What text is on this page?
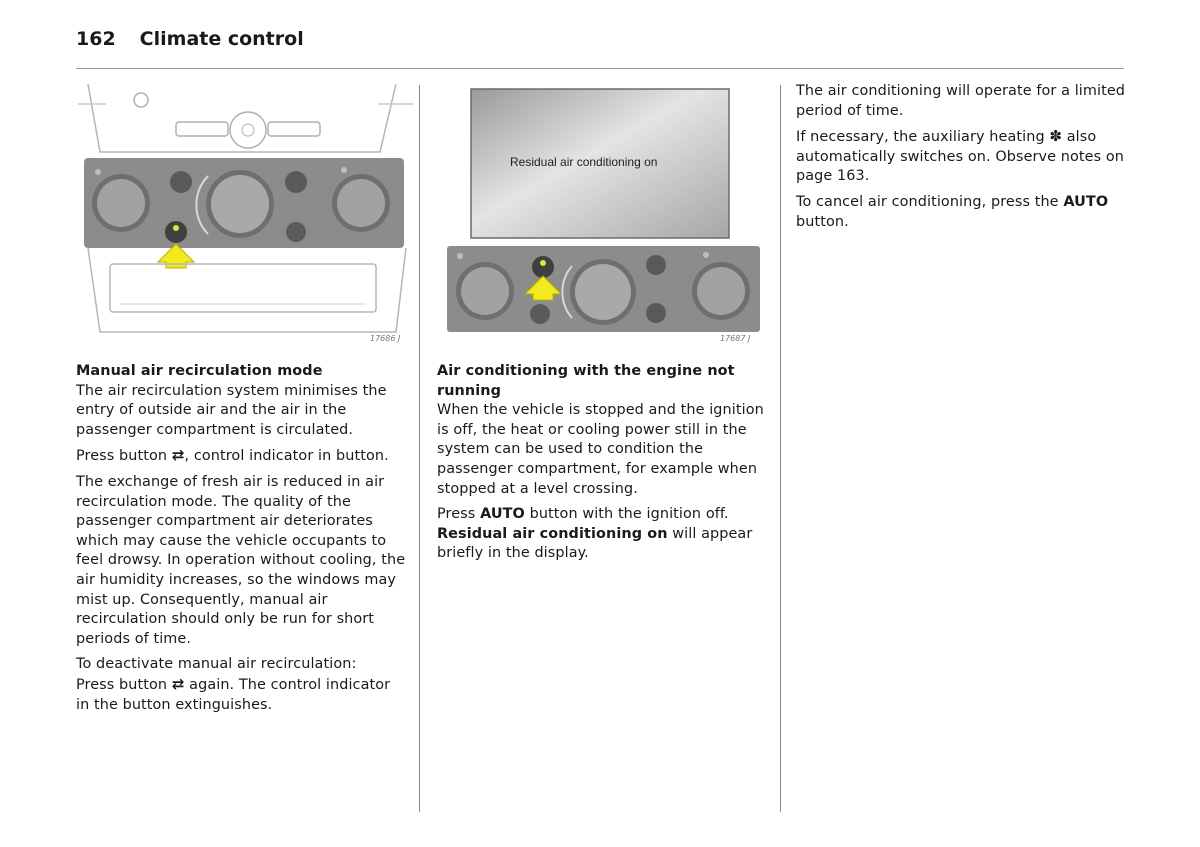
162 Climate control
17686 J
Residual air conditioning on
17687 J

Manual air recirculation mode

The air recirculation system minimises the entry of outside air and the air in the passenger compartment is circulated.

Press button ⇄, control indicator in button.

The exchange of fresh air is reduced in air recirculation mode. The quality of the passenger compartment air deteriorates which may cause the vehicle occupants to feel drowsy. In operation without cooling, the air humidity increases, so the windows may mist up. Consequently, manual air recirculation should only be run for short periods of time.

To deactivate manual air recirculation:
Press button ⇄ again. The control indicator in the button extinguishes.

Air conditioning with the engine not running

When the vehicle is stopped and the ignition is off, the heat or cooling power still in the system can be used to condition the passenger compartment, for example when stopped at a level crossing.

Press AUTO button with the ignition off.
Residual air conditioning on will appear briefly in the display.

The air conditioning will operate for a limited period of time.

If necessary, the auxiliary heating ✽ also automatically switches on. Observe notes on page 163.

To cancel air conditioning, press the AUTO button.
